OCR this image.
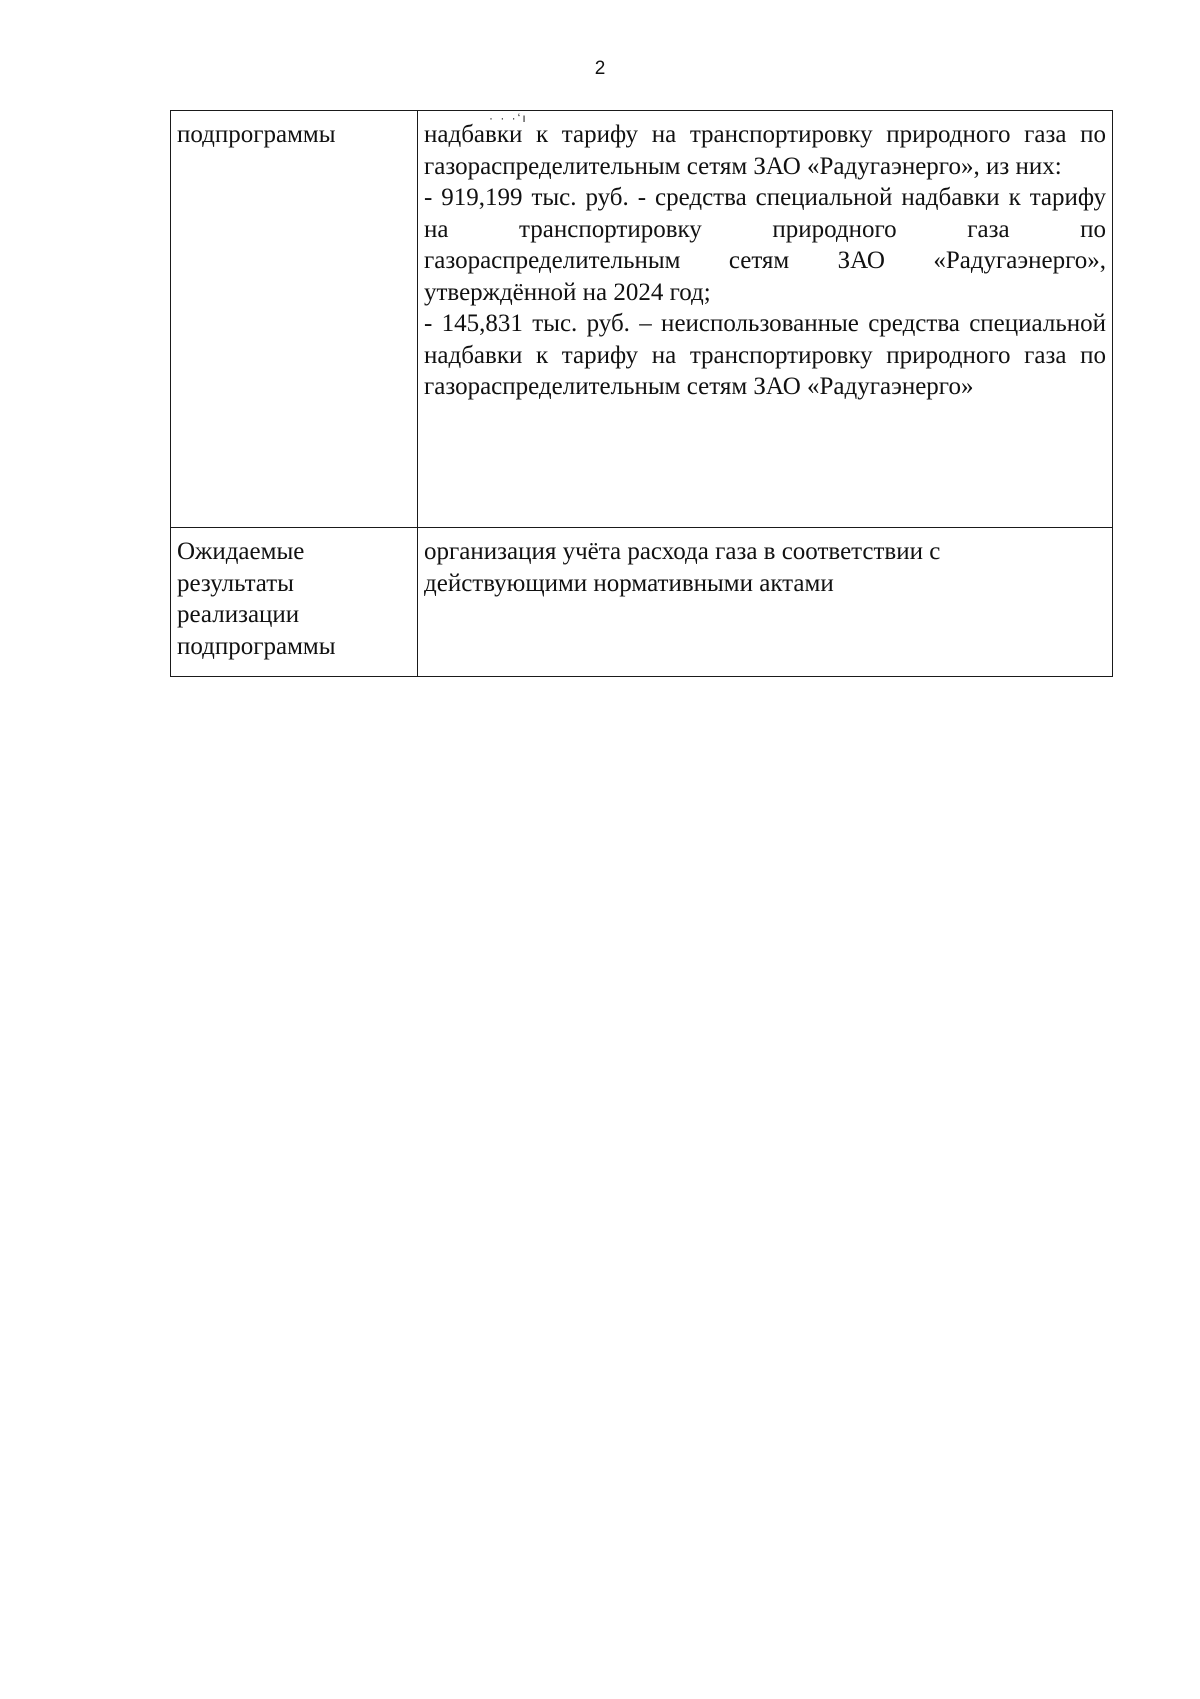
2
· · ·‘ı
подпрограммы	надбавки к тарифу на транспортировку природного газа по газораспределительным сетям ЗАО «Радугаэнерго», из них:

- 919,199 тыс. руб. - средства специальной надбавки к тарифу на транспортировку природного газа по газораспределительным сетям ЗАО «Радугаэнерго», утверждённой на 2024 год;

- 145,831 тыс. руб. – неиспользованные средства специальной надбавки к тарифу на транспортировку природного газа по газораспределительным сетям ЗАО «Радугаэнерго»

Ожидаемые
результаты
реализации
подпрограммы	организация учёта расхода газа в соответствии с
действующими нормативными актами
